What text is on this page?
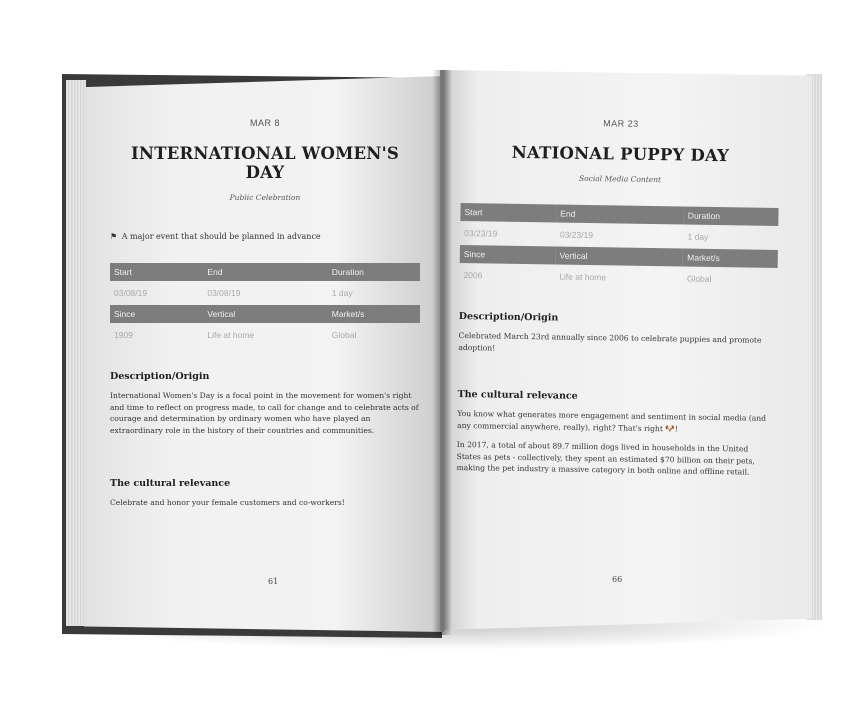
MAR 8

INTERNATIONAL WOMEN'S DAY

Public Celebration

⚑ A major event that should be planned in advance

Start	End	Duration
03/08/19	03/08/19	1 day
Since	Vertical	Market/s
1909	Life at home	Global

Description/Origin

International Women's Day is a focal point in the movement for women's right and time to reflect on progress made, to call for change and to celebrate acts of courage and determination by ordinary women who have played an extraordinary role in the history of their countries and communities.

The cultural relevance

Celebrate and honor your female customers and co-workers!

61

MAR 23

NATIONAL PUPPY DAY

Social Media Content

Start	End	Duration
03/23/19	03/23/19	1 day
Since	Vertical	Market/s
2006	Life at home	Global

Description/Origin

Celebrated March 23rd annually since 2006 to celebrate puppies and promote adoption!

The cultural relevance

You know what generates more engagement and sentiment in social media (and any commercial anywhere, really), right? That's right 🐶!

In 2017, a total of about 89.7 million dogs lived in households in the United States as pets - collectively, they spent an estimated $70 billion on their pets, making the pet industry a massive category in both online and offline retail.

66
